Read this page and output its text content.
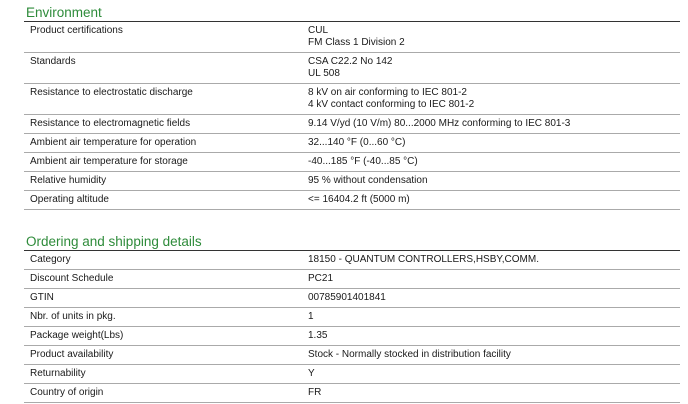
Environment
Product certifications	CUL
FM Class 1 Division 2

Standards	CSA C22.2 No 142
UL 508

Resistance to electrostatic discharge	8 kV on air conforming to IEC 801-2
4 kV contact conforming to IEC 801-2

Resistance to electromagnetic fields	9.14 V/yd (10 V/m) 80...2000 MHz conforming to IEC 801-3

Ambient air temperature for operation	32...140 °F (0...60 °C)

Ambient air temperature for storage	-40...185 °F (-40...85 °C)

Relative humidity	95 % without condensation

Operating altitude	<= 16404.2 ft (5000 m)
Ordering and shipping details
Category	18150 - QUANTUM CONTROLLERS,HSBY,COMM.

Discount Schedule	PC21

GTIN	00785901401841

Nbr. of units in pkg.	1

Package weight(Lbs)	1.35

Product availability	Stock - Normally stocked in distribution facility

Returnability	Y

Country of origin	FR
